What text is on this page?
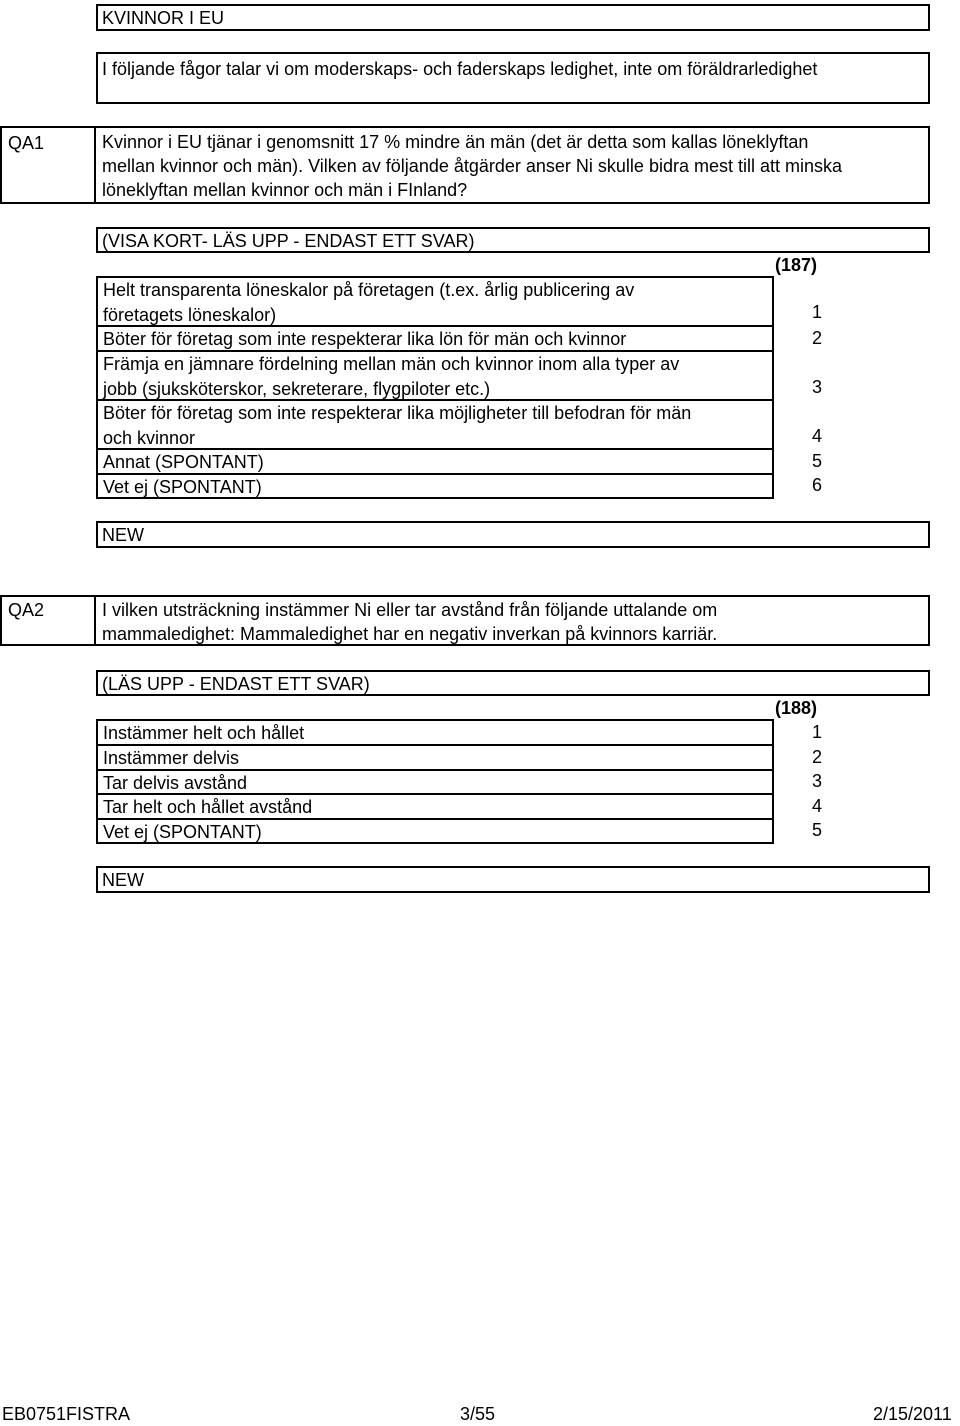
KVINNOR I EU
I följande fågor talar vi om moderskaps- och faderskaps ledighet, inte om föräldrarledighet
QA1	Kvinnor i EU tjänar i genomsnitt 17 % mindre än män (det är detta som kallas löneklyftan
mellan kvinnor och män). Vilken av följande åtgärder anser Ni skulle bidra mest till att minska
löneklyftan mellan kvinnor och män i FInland?
(VISA KORT- LÄS UPP - ENDAST ETT SVAR)
(187)
Helt transparenta löneskalor på företagen (t.ex. årlig publicering av
företagets löneskalor)	1
Böter för företag som inte respekterar lika lön för män och kvinnor	2
Främja en jämnare fördelning mellan män och kvinnor inom alla typer av
jobb (sjuksköterskor, sekreterare, flygpiloter etc.)	3
Böter för företag som inte respekterar lika möjligheter till befodran för män
och kvinnor	4
Annat (SPONTANT)	5
Vet ej (SPONTANT)	6
NEW
QA2	I vilken utsträckning instämmer Ni eller tar avstånd från följande uttalande om
mammaledighet: Mammaledighet har en negativ inverkan på kvinnors karriär.
(LÄS UPP - ENDAST ETT SVAR)
(188)
Instämmer helt och hållet	1
Instämmer delvis	2
Tar delvis avstånd	3
Tar helt och hållet avstånd	4
Vet ej (SPONTANT)	5
NEW
EB0751FISTRA	3/55	2/15/2011
